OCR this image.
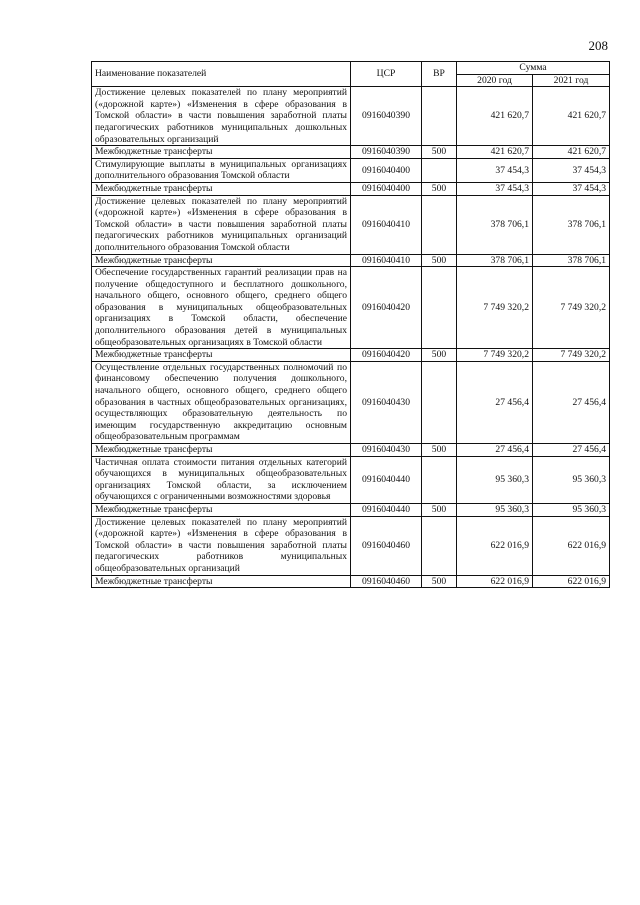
208
Наименование показателей	ЦСР	ВР	Сумма	
			2020 год	2021 год
Достижение целевых показателей по плану мероприятий («дорожной карте») «Изменения в сфере образования в Томской области» в части повышения заработной платы педагогических работников муниципальных дошкольных образовательных организаций	0916040390		421 620,7	421 620,7
Межбюджетные трансферты	0916040390	500	421 620,7	421 620,7
Стимулирующие выплаты в муниципальных организациях дополнительного образования Томской области	0916040400		37 454,3	37 454,3
Межбюджетные трансферты	0916040400	500	37 454,3	37 454,3
Достижение целевых показателей по плану мероприятий («дорожной карте») «Изменения в сфере образования в Томской области» в части повышения заработной платы педагогических работников муниципальных организаций дополнительного образования Томской области	0916040410		378 706,1	378 706,1
Межбюджетные трансферты	0916040410	500	378 706,1	378 706,1
Обеспечение государственных гарантий реализации прав на получение общедоступного и бесплатного дошкольного, начального общего, основного общего, среднего общего образования в муниципальных общеобразовательных организациях в Томской области, обеспечение дополнительного образования детей в муниципальных общеобразовательных организациях в Томской области	0916040420		7 749 320,2	7 749 320,2
Межбюджетные трансферты	0916040420	500	7 749 320,2	7 749 320,2
Осуществление отдельных государственных полномочий по финансовому обеспечению получения дошкольного, начального общего, основного общего, среднего общего образования в частных общеобразовательных организациях, осуществляющих образовательную деятельность по имеющим государственную аккредитацию основным общеобразовательным программам	0916040430		27 456,4	27 456,4
Межбюджетные трансферты	0916040430	500	27 456,4	27 456,4
Частичная оплата стоимости питания отдельных категорий обучающихся в муниципальных общеобразовательных организациях Томской области, за исключением обучающихся с ограниченными возможностями здоровья	0916040440		95 360,3	95 360,3
Межбюджетные трансферты	0916040440	500	95 360,3	95 360,3
Достижение целевых показателей по плану мероприятий («дорожной карте») «Изменения в сфере образования в Томской области» в части повышения заработной платы педагогических работников муниципальных общеобразовательных организаций	0916040460		622 016,9	622 016,9
Межбюджетные трансферты	0916040460	500	622 016,9	622 016,9
